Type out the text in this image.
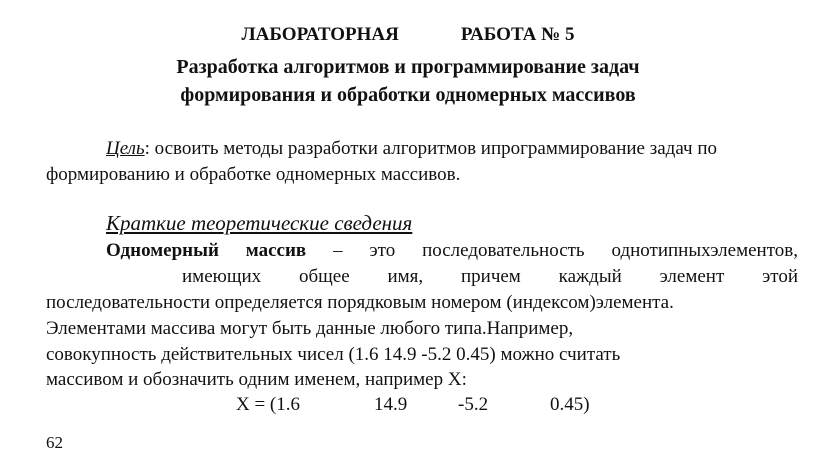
ЛАБОРАТОРНАЯ	РАБОТА № 5
Разработка алгоритмов и программирование задач
формирования и обработки одномерных массивов
Цель: освоить методы разработки алгоритмов ипрограммирование задач по
формированию и обработке одномерных массивов.
Краткие теоретические сведения
Одномерный массив – это последовательность однотипныхэлементов,
имеющих общее имя, причем каждый элемент этой
последовательности определяется порядковым номером (индексом)элемента.
Элементами массива могут быть данные любого типа.Например,
совокупность действительных чисел (1.6 14.9 -5.2 0.45) можно считать
массивом и обозначить одним именем, например X:
X = (1.6	14.9	-5.2	0.45)
62
